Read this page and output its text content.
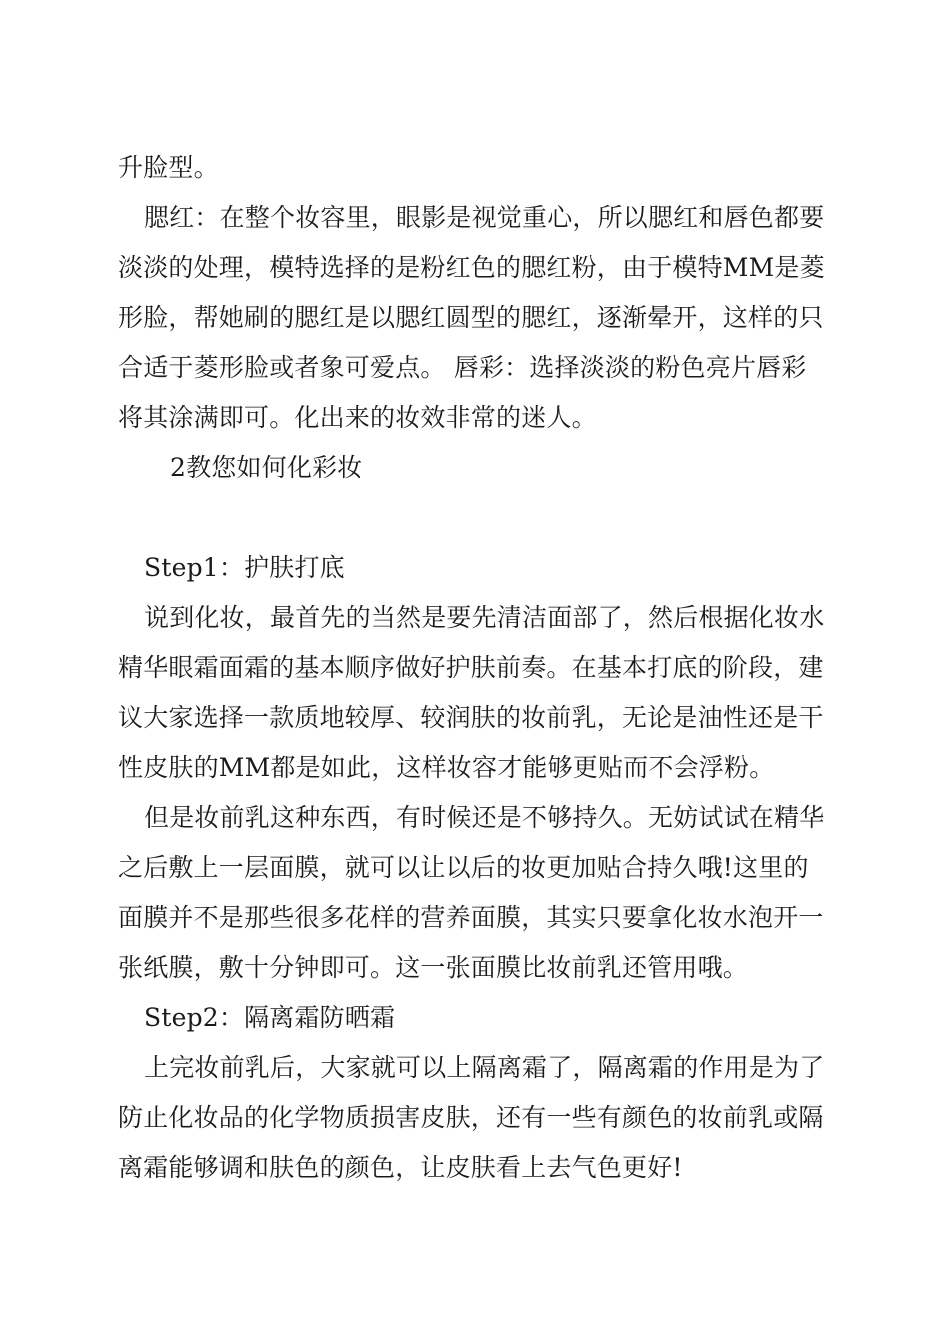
升脸型。
腮红：在整个妆容里，眼影是视觉重心，所以腮红和唇色都要
淡淡的处理，模特选择的是粉红色的腮红粉，由于模特MM是菱
形脸，帮她刷的腮红是以腮红圆型的腮红，逐渐晕开，这样的只
合适于菱形脸或者象可爱点。 唇彩：选择淡淡的粉色亮片唇彩
将其涂满即可。化出来的妆效非常的迷人。
2教您如何化彩妆
Step1：护肤打底
说到化妆，最首先的当然是要先清洁面部了，然后根据化妆水
精华眼霜面霜的基本顺序做好护肤前奏。在基本打底的阶段，建
议大家选择一款质地较厚、较润肤的妆前乳，无论是油性还是干
性皮肤的MM都是如此，这样妆容才能够更贴而不会浮粉。
但是妆前乳这种东西，有时候还是不够持久。无妨试试在精华
之后敷上一层面膜，就可以让以后的妆更加贴合持久哦!这里的
面膜并不是那些很多花样的营养面膜，其实只要拿化妆水泡开一
张纸膜，敷十分钟即可。这一张面膜比妆前乳还管用哦。
Step2：隔离霜防晒霜
上完妆前乳后，大家就可以上隔离霜了，隔离霜的作用是为了
防止化妆品的化学物质损害皮肤，还有一些有颜色的妆前乳或隔
离霜能够调和肤色的颜色，让皮肤看上去气色更好!
